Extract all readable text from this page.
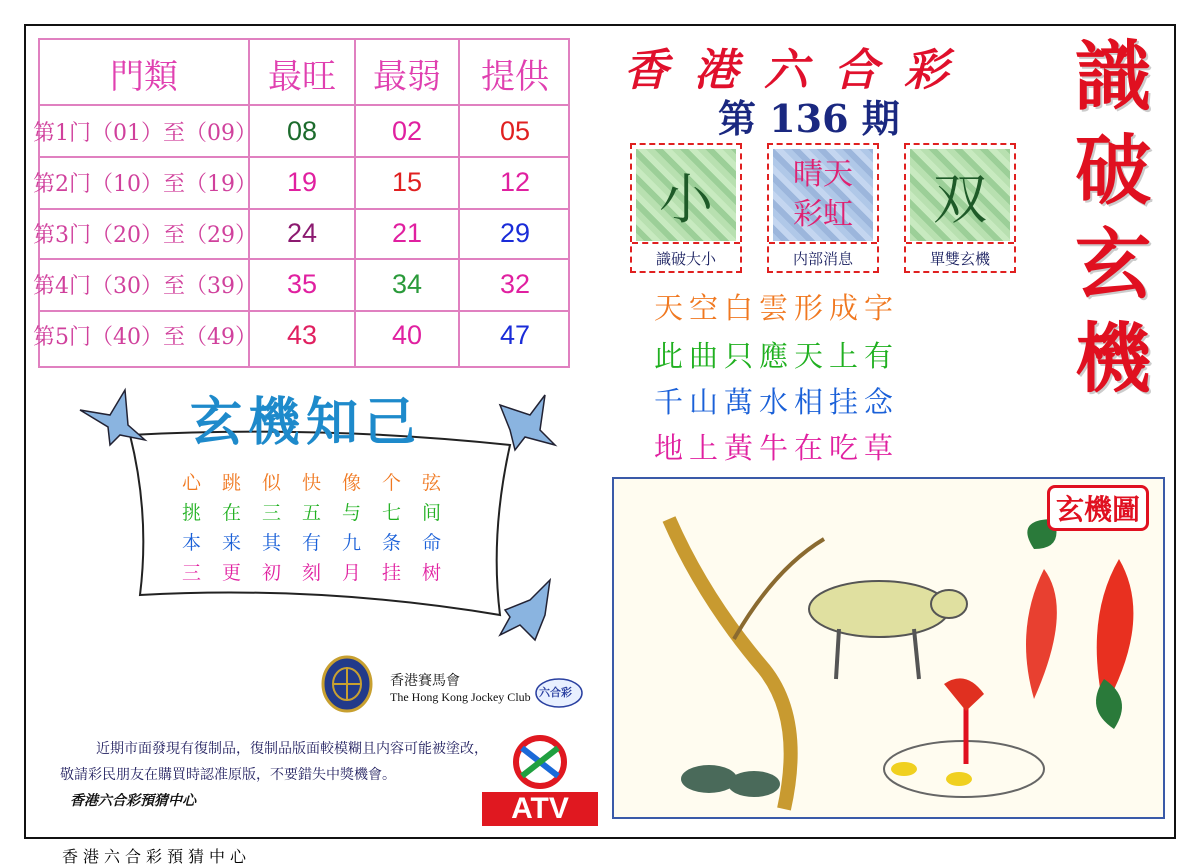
門類	最旺	最弱	提供
第1门（01）至（09）	08	02	05
第2门（10）至（19）	19	15	12
第3门（20）至（29）	24	21	29
第4门（30）至（39）	35	34	32
第5门（40）至（49）	43	40	47
香港六合彩
第 136 期 識
破
玄
機
小
識破大小
晴天
彩虹
内部消息
双
單雙玄機
天空白雲形成字
此曲只應天上有
千山萬水相挂念
地上黃牛在吃草
玄機知己
心跳似快像个弦
挑在三五与七间
本来其有九条命
三更初刻月挂树
香港賽馬會
The Hong Kong Jockey Club 六合彩
近期市面發現有復制品，復制品版面較模糊且内容可能被塗改，敬請彩民朋友在購買時認准原版，不要錯失中獎機會。
香港六合彩預猜中心	ATV
玄機圖
香港六合彩預猜中心
